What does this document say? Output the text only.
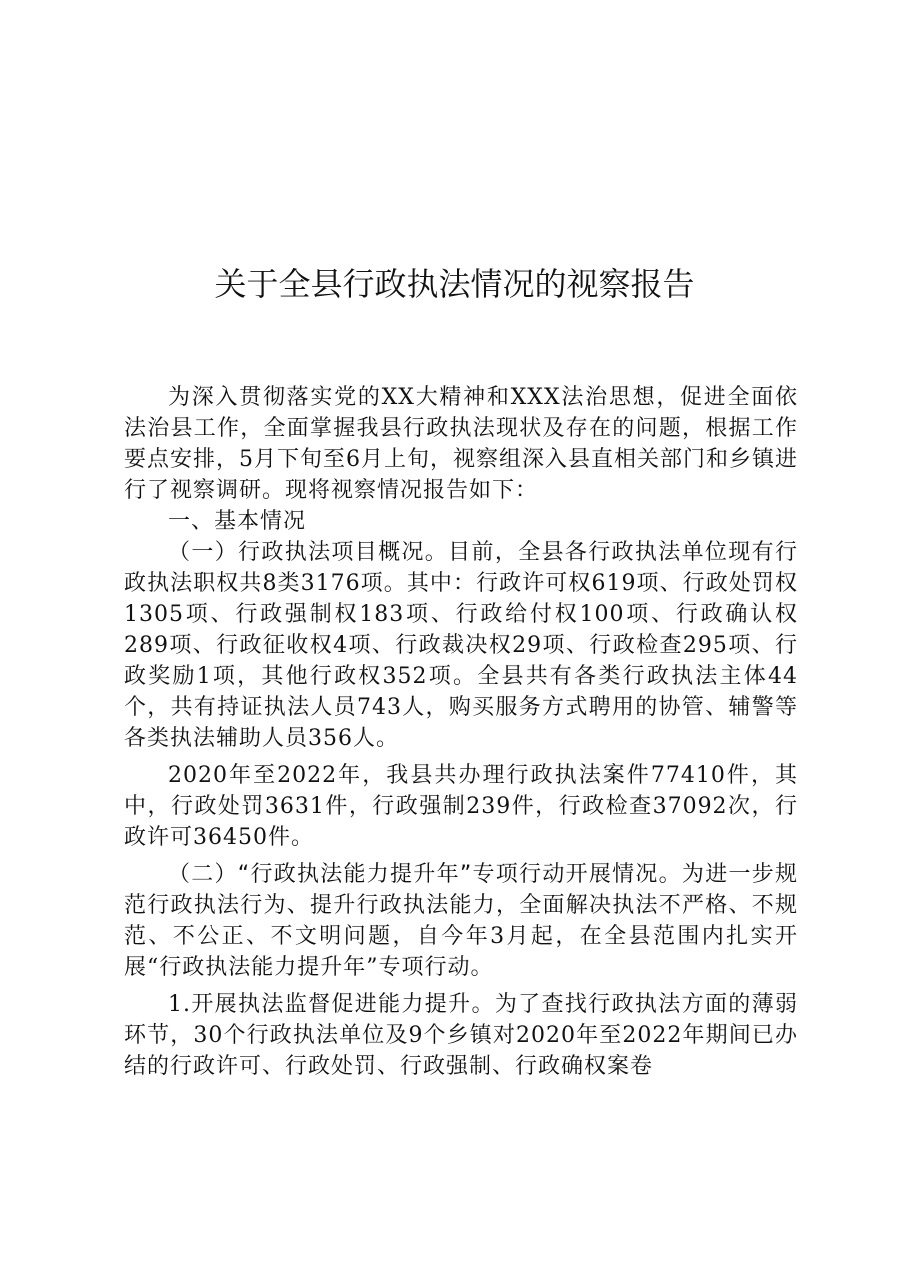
关于全县行政执法情况的视察报告

为深入贯彻落实党的XX大精神和XXX法治思想，促进全面依法治县工作，全面掌握我县行政执法现状及存在的问题，根据工作要点安排，5月下旬至6月上旬，视察组深入县直相关部门和乡镇进行了视察调研。现将视察情况报告如下：

一、基本情况

（一）行政执法项目概况。目前，全县各行政执法单位现有行政执法职权共8类3176项。其中：行政许可权619项、行政处罚权1305项、行政强制权183项、行政给付权100项、行政确认权289项、行政征收权4项、行政裁决权29项、行政检查295项、行政奖励1项，其他行政权352项。全县共有各类行政执法主体44个，共有持证执法人员743人，购买服务方式聘用的协管、辅警等各类执法辅助人员356人。

2020年至2022年，我县共办理行政执法案件77410件，其中，行政处罚3631件，行政强制239件，行政检查37092次，行政许可36450件。

（二）“行政执法能力提升年”专项行动开展情况。为进一步规范行政执法行为、提升行政执法能力，全面解决执法不严格、不规范、不公正、不文明问题，自今年3月起，在全县范围内扎实开展“行政执法能力提升年”专项行动。

1.开展执法监督促进能力提升。为了查找行政执法方面的薄弱环节，30个行政执法单位及9个乡镇对2020年至2022年期间已办结的行政许可、行政处罚、行政强制、行政确权案卷
